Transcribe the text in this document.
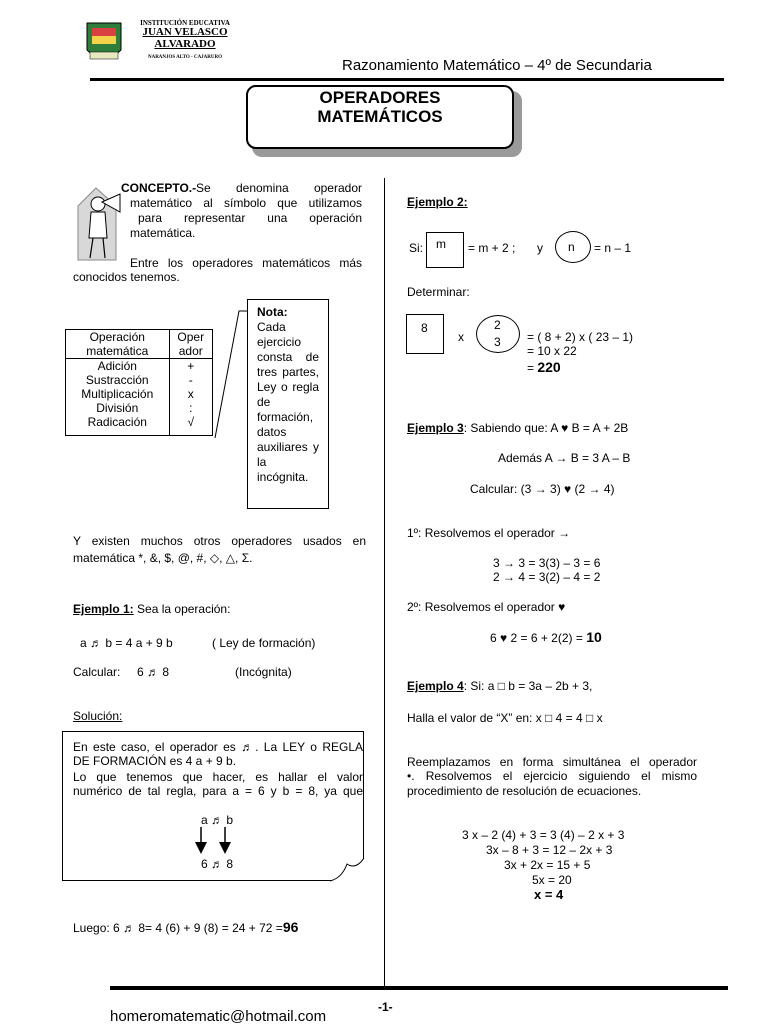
INSTITUCIÓN EDUCATIVA
JUAN VELASCO ALVARADO
NARANJOS ALTO - CAJARURO	Razonamiento Matemático – 4º de Secundaria
OPERADORES
MATEMÁTICOS
CONCEPTO.- Se denomina operador
matemático al símbolo que utilizamos
para representar una operación
matemática.
Entre los operadores matemáticos más
conocidos tenemos.
Operación matemática	Oper ador
Adición	+
Sustracción	-
Multiplicación	x
División	:
Radicación	√
Nota:
Cada ejercicio consta de tres partes, Ley o regla de formación, datos auxiliares y la incógnita.
Y existen muchos otros operadores usados en
matemática *, &, $, @, #, ◇, △, Σ.
Ejemplo 1: Sea la operación:
a ♬ b = 4 a + 9 b	( Ley de formación)
Calcular: 6 ♬ 8	(Incógnita)
Solución:
En este caso, el operador es ♬. La LEY o REGLA
DE FORMACIÓN es 4 a + 9 b.
Lo que tenemos que hacer, es hallar el valor
numérico de tal regla, para a = 6 y b = 8, ya que
a ♬ b
6 ♬ 8
Luego: 6 ♬ 8= 4 (6) + 9 (8) = 24 + 72 =96
Ejemplo 2:
Si: m = m + 2 ; y n = n – 1
Determinar:
8
x
2
3 = ( 8 + 2) x ( 23 – 1)
= 10 x 22
= 220
Ejemplo 3: Sabiendo que: A ♥ B = A + 2B
Además A → B = 3 A – B
Calcular: (3 → 3) ♥ (2 → 4)
1º: Resolvemos el operador →
3 → 3 = 3(3) – 3 = 6
2 → 4 = 3(2) – 4 = 2
2º: Resolvemos el operador ♥
6 ♥ 2 = 6 + 2(2) = 10
Ejemplo 4: Si: a □ b = 3a – 2b + 3,
Halla el valor de “X” en: x □ 4 = 4 □ x
Reemplazamos en forma simultánea el operador
•. Resolvemos el ejercicio siguiendo el mismo
procedimiento de resolución de ecuaciones.
3 x – 2 (4) + 3 = 3 (4) – 2 x + 3
3x – 8 + 3 = 12 – 2x + 3
3x + 2x = 15 + 5
5x = 20
x = 4
-1-
homeromatematic@hotmail.com
